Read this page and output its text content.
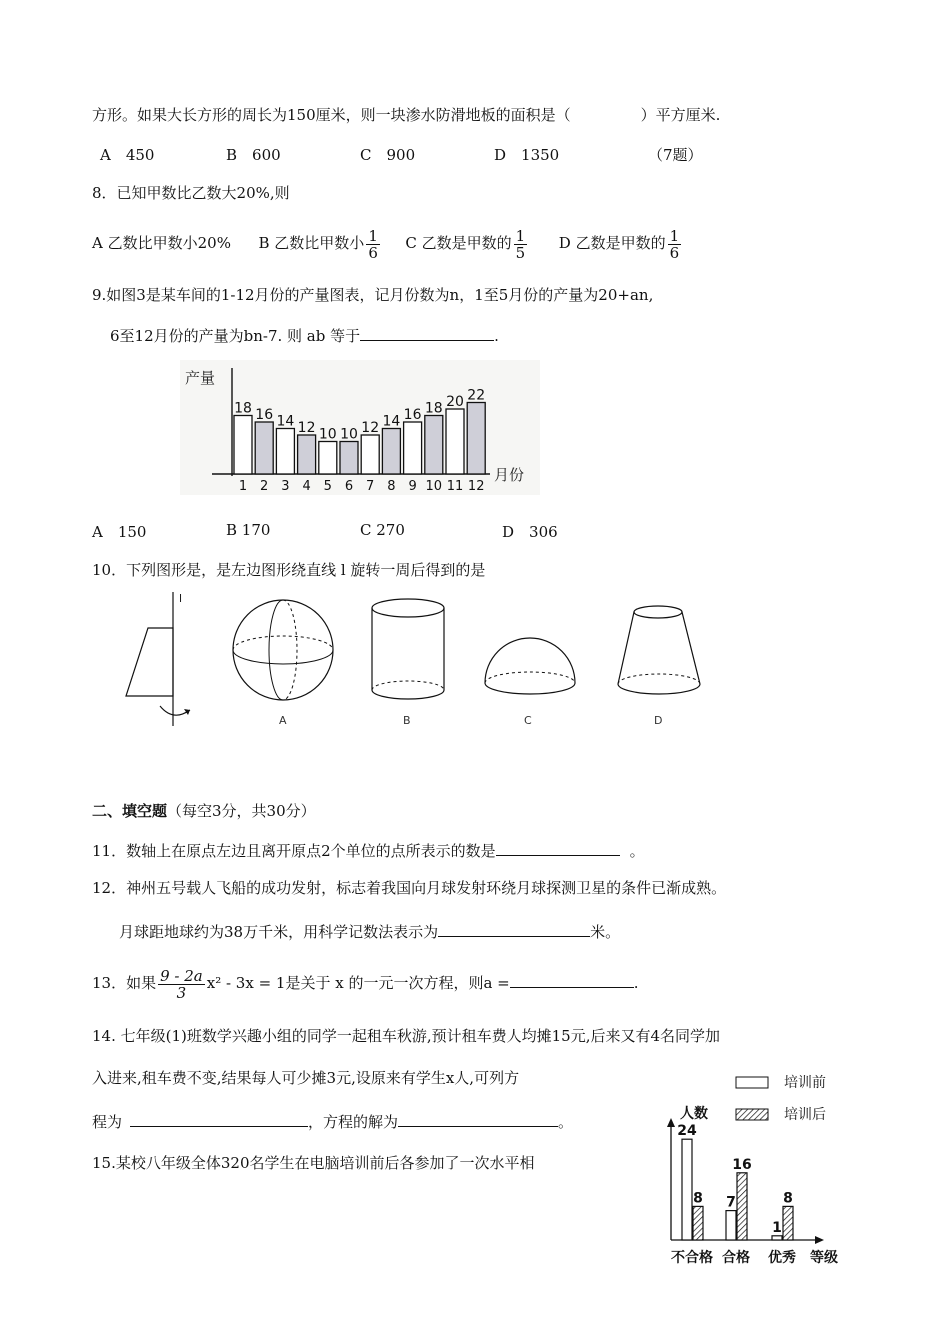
方形。如果大长方形的周长为150厘米，则一块渗水防滑地板的面积是（	）平方厘米.
A　450	B　600	C　900	D　1350	（7题）
8．已知甲数比乙数大20%,则
A 乙数比甲数小20% B 乙数比甲数小 $\frac{1}{6}$ C 乙数是甲数的 $\frac{1}{5}$ D 乙数是甲数的 $\frac{1}{6}$
9.如图3是某车间的1-12月份的产量图表，记月份数为n，1至5月份的产量为20+an,
6至12月份的产量为bn-7. 则 ab 等于	.
产量
月份
18
1
16
2
14
3
12
4
10
5
10
6
12
7
14
8
16
9
18
10
20
11
22
12
A　150	B 170	C 270	D　306
10．下列图形是，是左边图形绕直线 l 旋转一周后得到的是
l
A	B	C	D
二、填空题（每空3分，共30分）
11．数轴上在原点左边且离开原点2个单位的点所表示的数是	。
12．神州五号载人飞船的成功发射，标志着我国向月球发射环绕月球探测卫星的条件已渐成熟。
月球距地球约为38万千米，用科学记数法表示为	米。
13．如果 $\frac{9 - 2a}{3} x^2 - 3x = 1$是关于 x 的一元一次方程，则a =	.
14. 七年级(1)班数学兴趣小组的同学一起租车秋游,预计租车费人均摊15元,后来又有4名同学加
入进来,租车费不变,结果每人可少摊3元,设原来有学生x人,可列方
程为	，方程的解为	。
15.某校八年级全体320名学生在电脑培训前后各参加了一次水平相
培训前
培训后
人数
等级
24
8
不合格
7
16
合格
1
8
优秀
